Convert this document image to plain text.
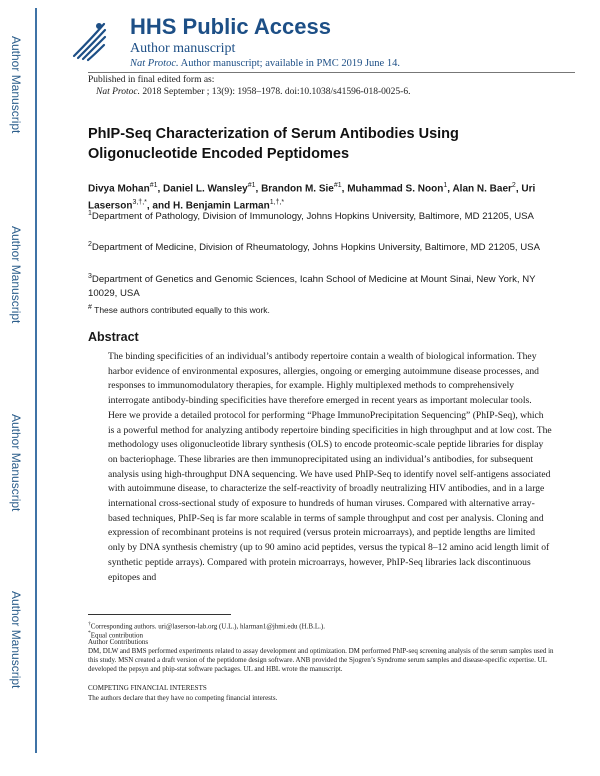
Author Manuscript
Author Manuscript
Author Manuscript
Author Manuscript
HHS Public Access
Author manuscript
Nat Protoc. Author manuscript; available in PMC 2019 June 14.
Published in final edited form as:
Nat Protoc. 2018 September ; 13(9): 1958–1978. doi:10.1038/s41596-018-0025-6.
PhIP-Seq Characterization of Serum Antibodies Using Oligonucleotide Encoded Peptidomes
Divya Mohan$^{\#1}$, Daniel L. Wansley$^{\#1}$, Brandon M. Sie$^{\#1}$, Muhammad S. Noon$^1$, Alan N. Baer$^2$, Uri Laserson$^{3,\dagger,*}$, and H. Benjamin Larman$^{1,\dagger,*}$
$^1$Department of Pathology, Division of Immunology, Johns Hopkins University, Baltimore, MD 21205, USA
$^2$Department of Medicine, Division of Rheumatology, Johns Hopkins University, Baltimore, MD 21205, USA
$^3$Department of Genetics and Genomic Sciences, Icahn School of Medicine at Mount Sinai, New York, NY 10029, USA
# These authors contributed equally to this work.
Abstract
The binding specificities of an individual’s antibody repertoire contain a wealth of biological information. They harbor evidence of environmental exposures, allergies, ongoing or emerging autoimmune disease processes, and responses to immunomodulatory therapies, for example. Highly multiplexed methods to comprehensively interrogate antibody-binding specificities have therefore emerged in recent years as important molecular tools. Here we provide a detailed protocol for performing “Phage ImmunoPrecipitation Sequencing” (PhIP-Seq), which is a powerful method for analyzing antibody repertoire binding specificities in high throughput and at low cost. The methodology uses oligonucleotide library synthesis (OLS) to encode proteomic-scale peptide libraries for display on bacteriophage. These libraries are then immunoprecipitated using an individual’s antibodies, for subsequent analysis using high-throughput DNA sequencing. We have used PhIP-Seq to identify novel self-antigens associated with autoimmune disease, to characterize the self-reactivity of broadly neutralizing HIV antibodies, and in a large international cross-sectional study of exposure to hundreds of human viruses. Compared with alternative array-based techniques, PhIP-Seq is far more scalable in terms of sample throughput and cost per analysis. Cloning and expression of recombinant proteins is not required (versus protein microarrays), and peptide lengths are limited only by DNA synthesis chemistry (up to 90 amino acid peptides, versus the typical 8–12 amino acid length limit of synthetic peptide arrays). Compared with protein microarrays, however, PhIP-Seq libraries lack discontinuous epitopes and
†Corresponding authors. uri@laserson-lab.org (U.L.), hlarman1@jhmi.edu (H.B.L.).
*Equal contribution
Author Contributions
DM, DLW and BMS performed experiments related to assay development and optimization. DM performed PhIP-seq screening analysis of the serum samples used in this study. MSN created a draft version of the peptidome design software. ANB provided the Sjogren’s Syndrome serum samples and disease-specific expertise. UL developed the pepsyn and phip-stat software packages. UL and HBL wrote the manuscript.
COMPETING FINANCIAL INTERESTS
The authors declare that they have no competing financial interests.
